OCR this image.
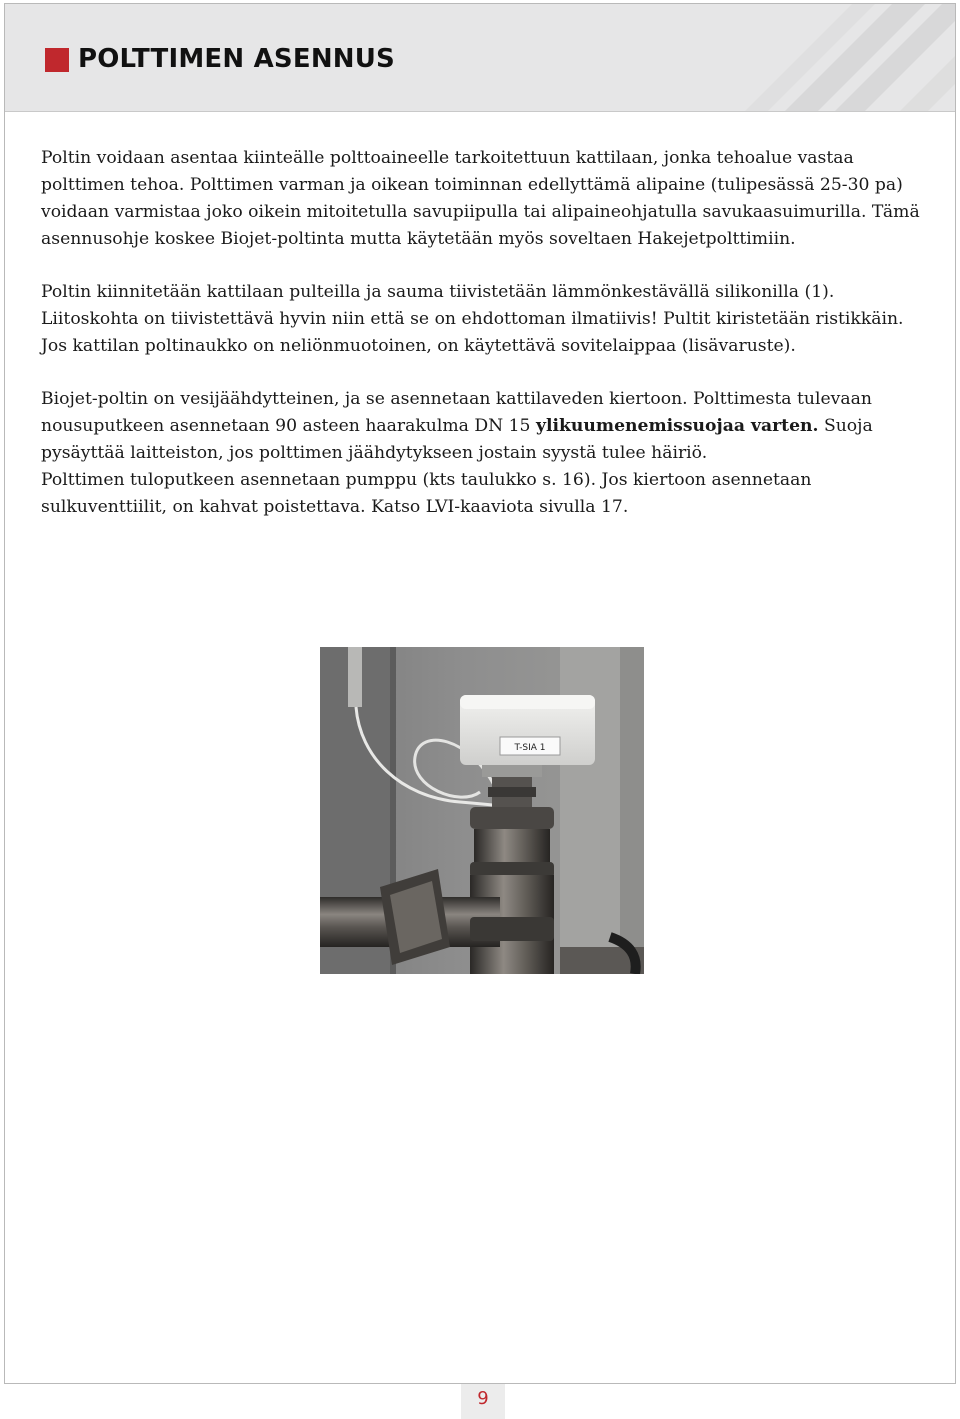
POLTTIMEN ASENNUS

Poltin voidaan asentaa kiinteälle polttoaineelle tarkoitettuun kattilaan, jonka tehoalue vastaa polttimen tehoa. Polttimen varman ja oikean toiminnan edellyttämä alipaine (tulipesässä 25-30 pa) voidaan varmistaa joko oikein mitoitetulla savupiipulla tai alipaineohjatulla savukaasuimurilla. Tämä asennusohje koskee Biojet-poltinta mutta käytetään myös soveltaen Hakejetpolttimiin.

Poltin kiinnitetään kattilaan pulteilla ja sauma tiivistetään lämmönkestävällä silikonilla (1). Liitoskohta on tiivistettävä hyvin niin että se on ehdottoman ilmatiivis! Pultit kiristetään ristikkäin. Jos kattilan poltinaukko on neliönmuotoinen, on käytettävä sovitelaippaa (lisävaruste).

Biojet-poltin on vesijäähdytteinen, ja se asennetaan kattilaveden kiertoon. Polttimesta tulevaan nousuputkeen asennetaan 90 asteen haarakulma DN 15 ylikuumenemissuojaa varten. Suoja pysäyttää laitteiston, jos polttimen jäähdytykseen jostain syystä tulee häiriö.

Polttimen tuloputkeen asennetaan pumppu (kts taulukko s. 16). Jos kiertoon asennetaan sulkuventtiilit, on kahvat poistettava. Katso LVI-kaaviota sivulla 17.

T-SIA 1
9
